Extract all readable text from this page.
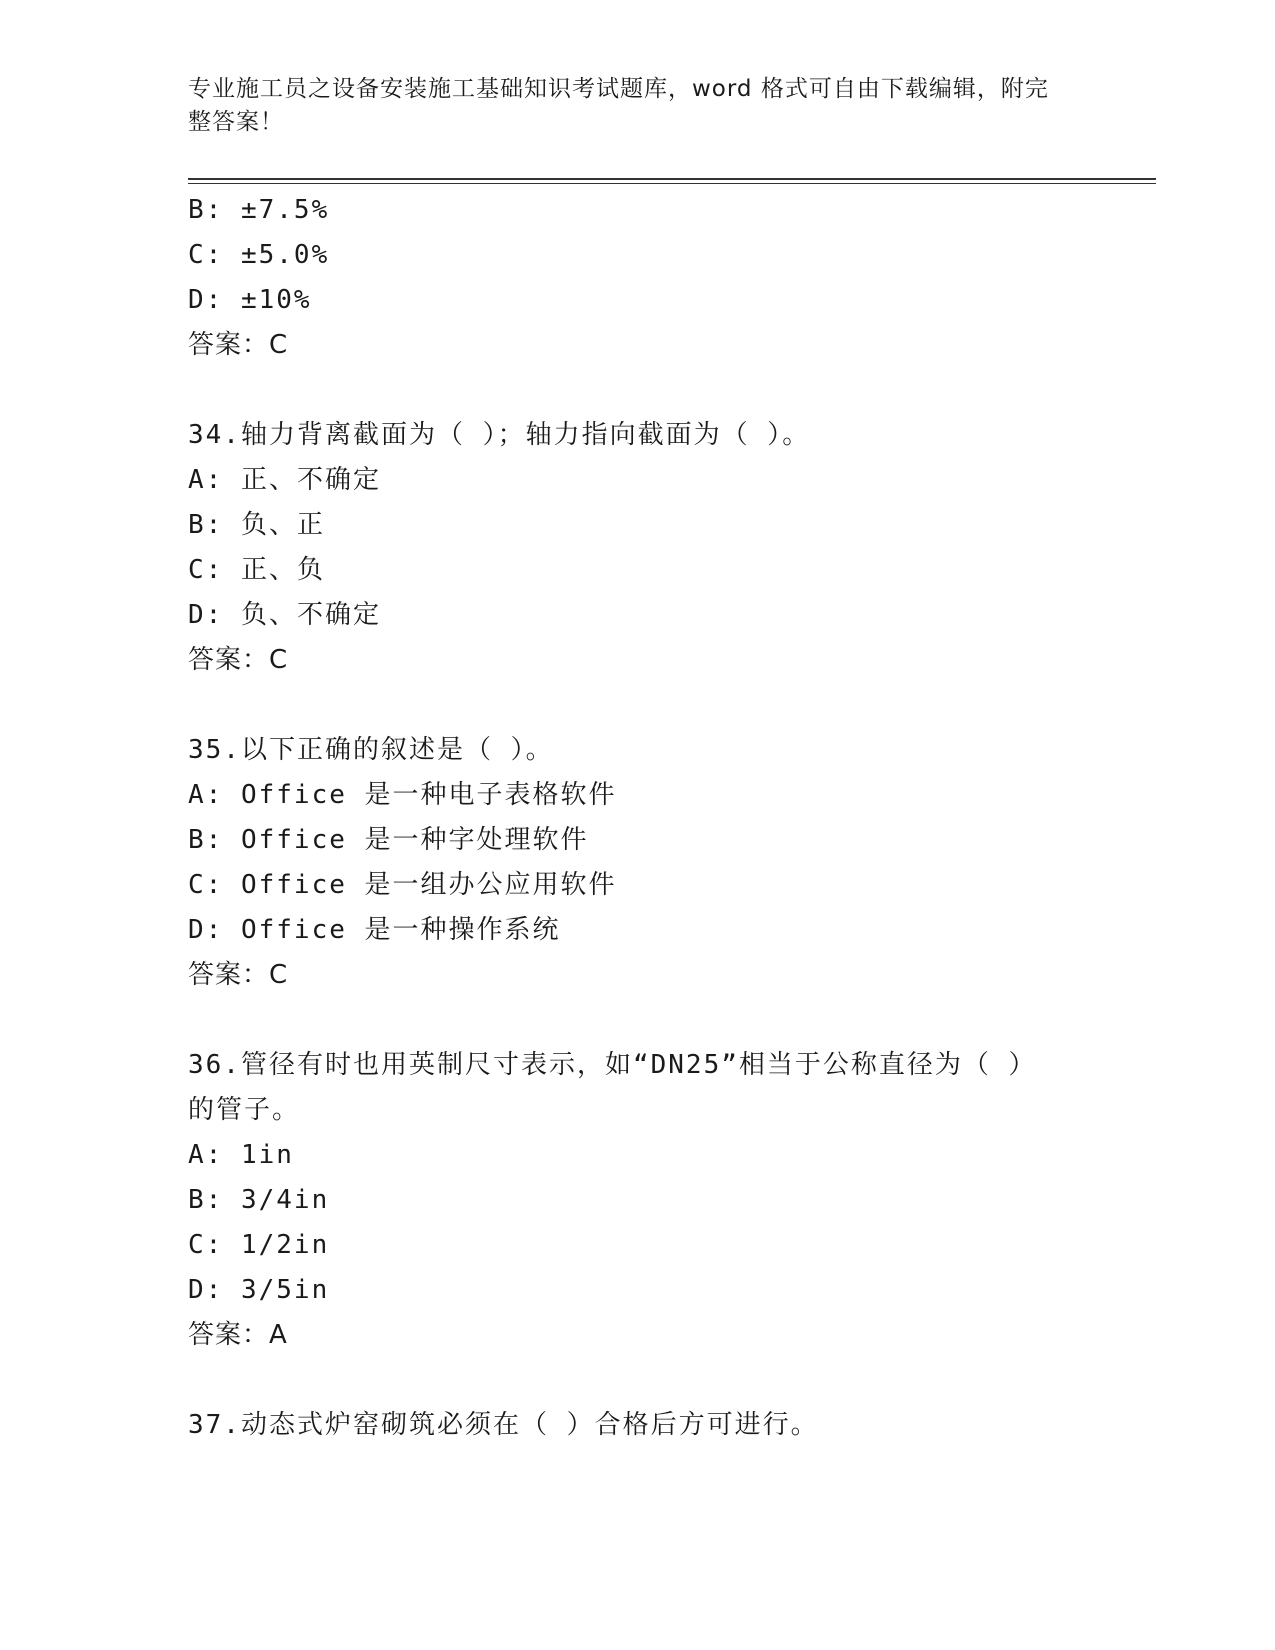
专业施工员之设备安装施工基础知识考试题库，word 格式可自由下载编辑，附完
整答案！
B: ±7.5%
C: ±5.0%
D: ±10%
答案：C
34.轴力背离截面为（ ）；轴力指向截面为（ ）。
A: 正、不确定
B: 负、正
C: 正、负
D: 负、不确定
答案：C
35.以下正确的叙述是（ ）。
A: Office 是一种电子表格软件
B: Office 是一种字处理软件
C: Office 是一组办公应用软件
D: Office 是一种操作系统
答案：C
36.管径有时也用英制尺寸表示，如“DN25”相当于公称直径为（ ）
的管子。
A: 1in
B: 3/4in
C: 1/2in
D: 3/5in
答案：A
37.动态式炉窑砌筑必须在（ ）合格后方可进行。
